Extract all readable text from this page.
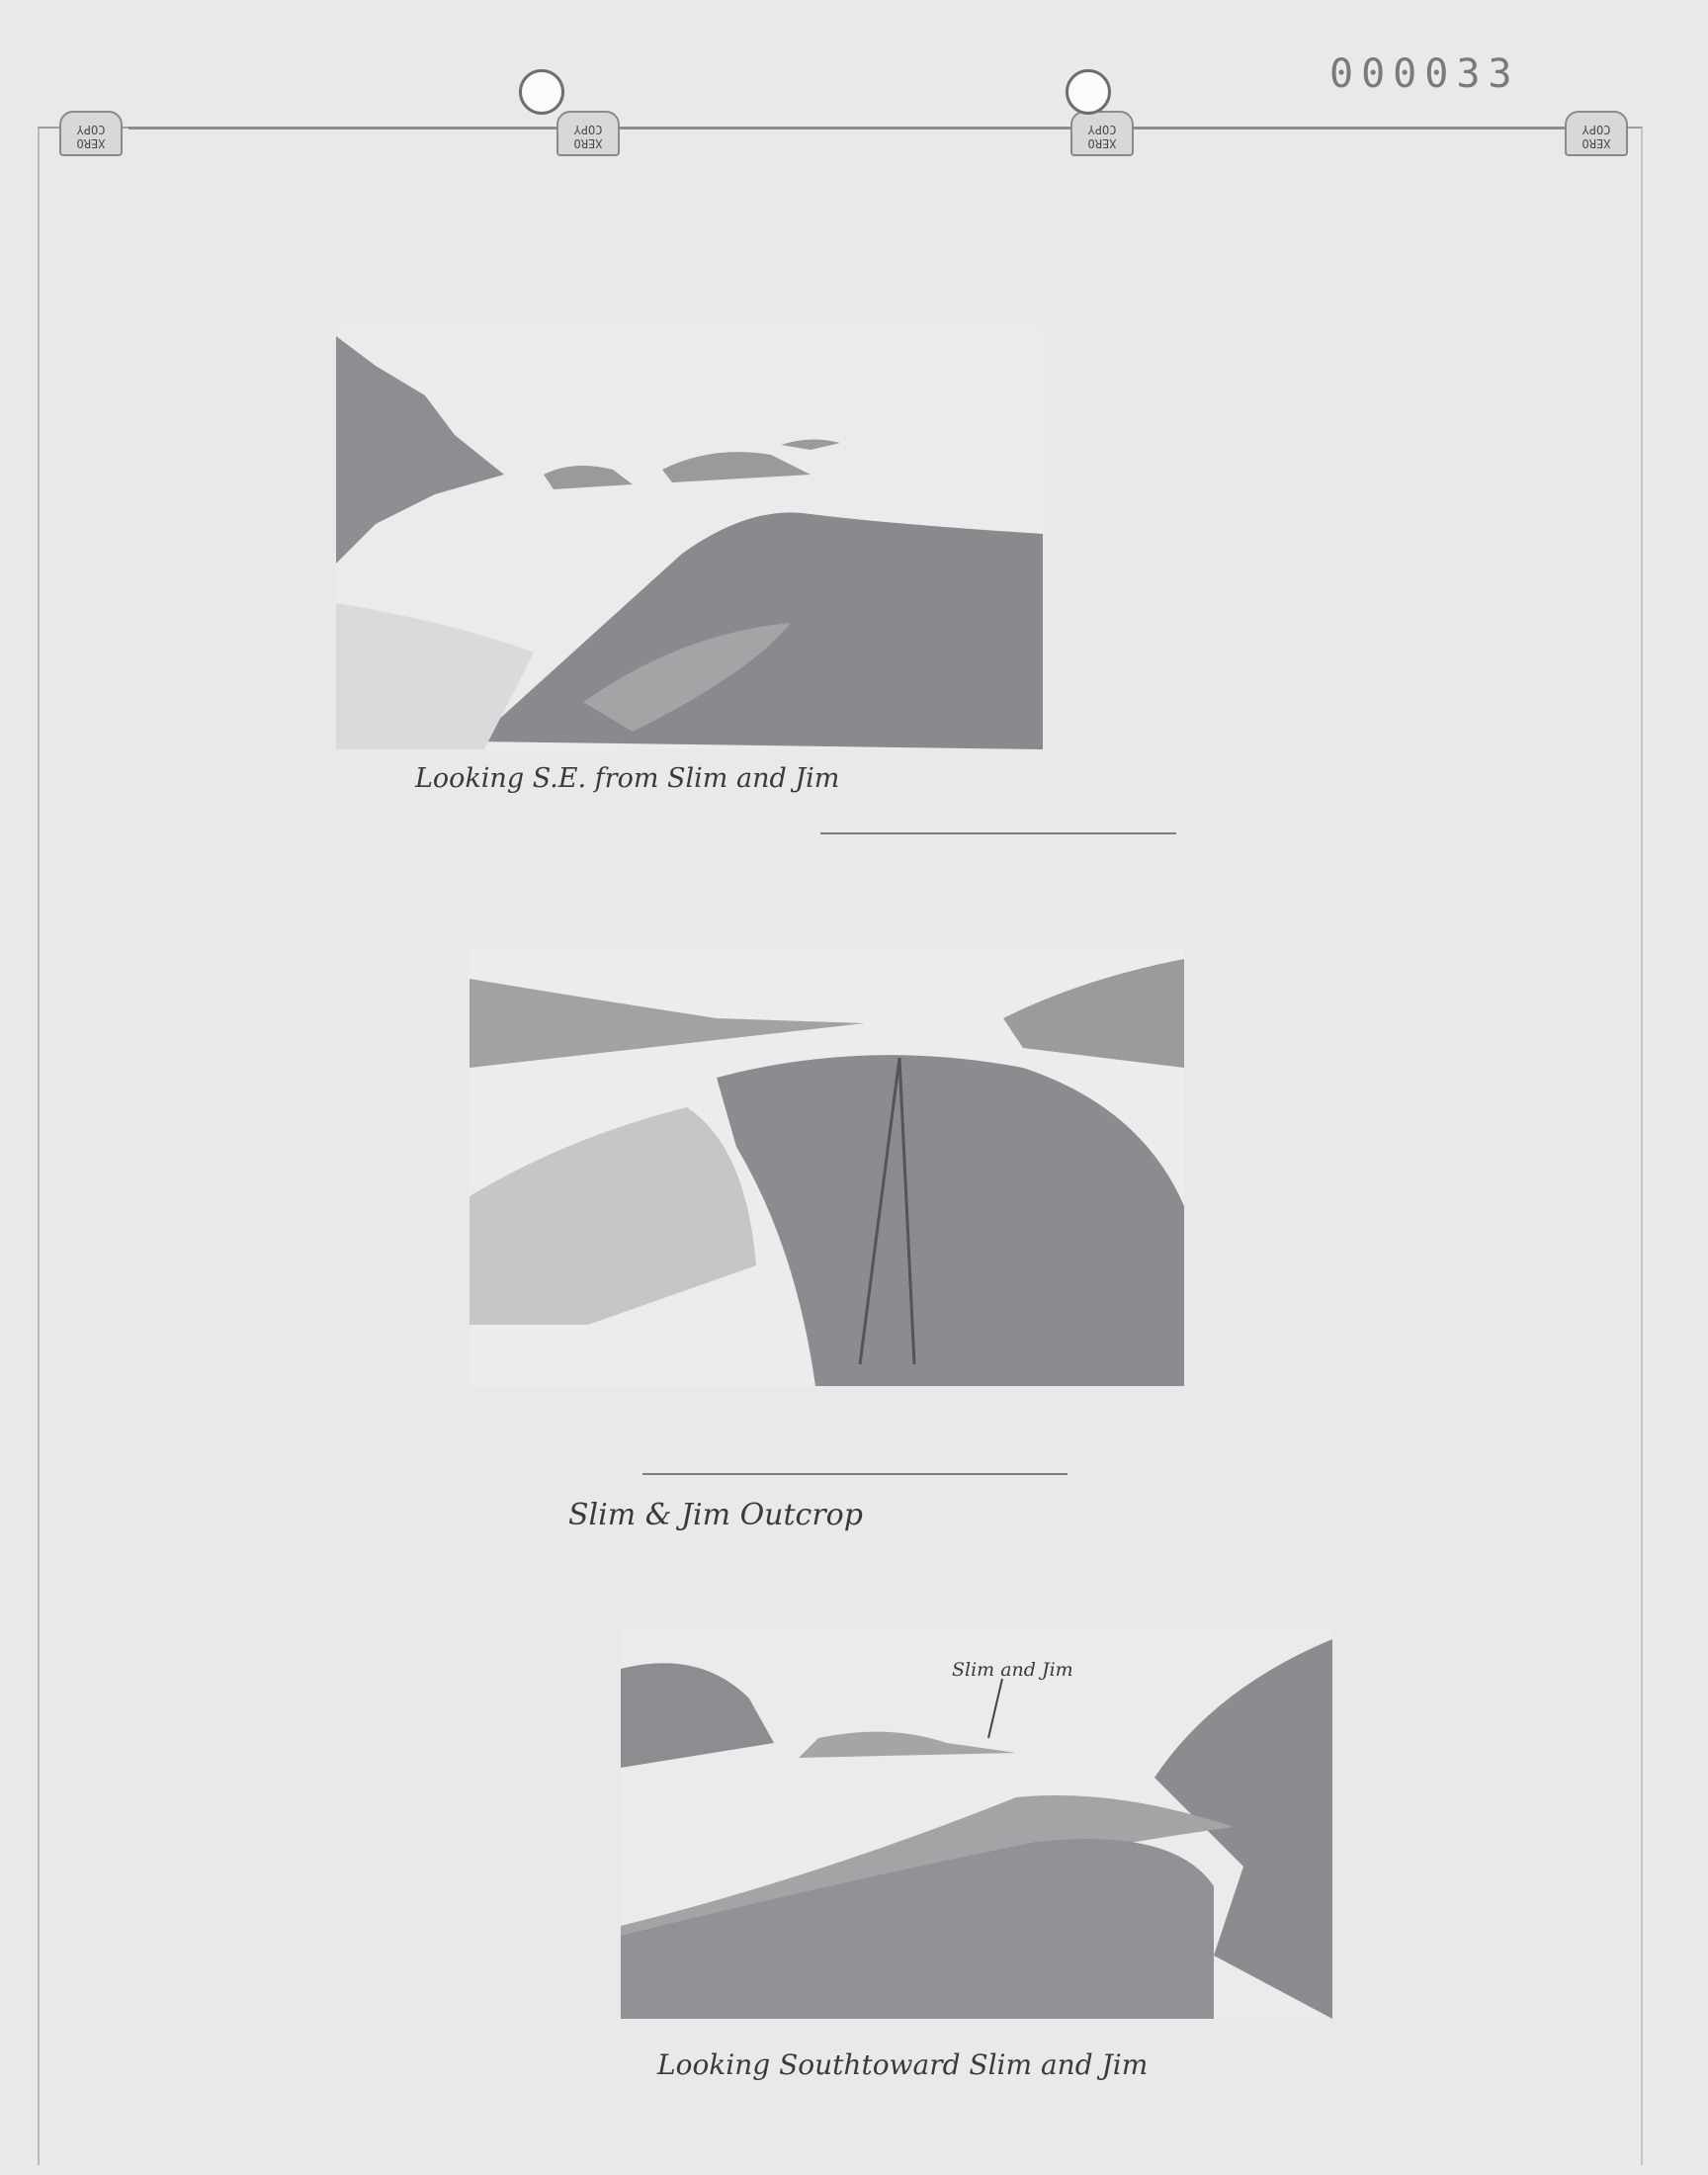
XERO
COPY
XERO
COPY
XERO
COPY
XERO
COPY
000033
Looking S.E. from Slim and Jim
Slim & Jim Outcrop
Slim and Jim
Looking Southtoward Slim and Jim
